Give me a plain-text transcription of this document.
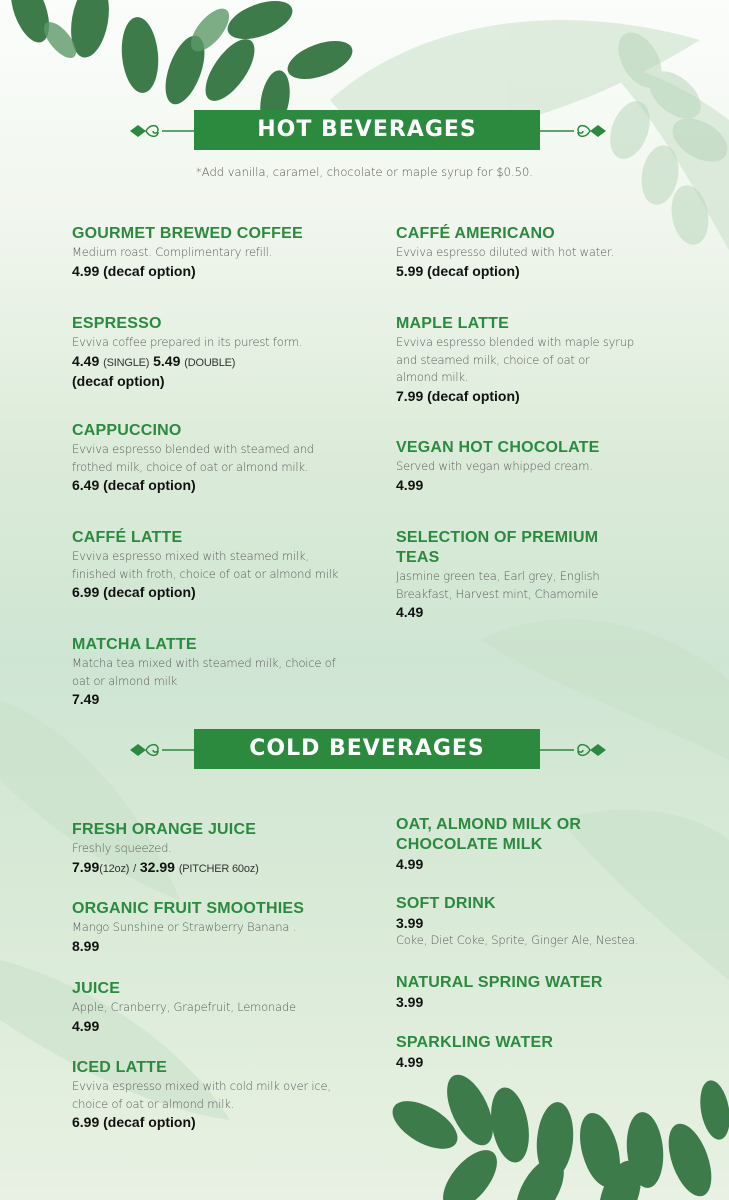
HOT BEVERAGES
*Add vanilla, caramel, chocolate or maple syrup for $0.50.
GOURMET BREWED COFFEE
Medium roast. Complimentary refill.
4.99 (decaf option)
ESPRESSO
Evviva coffee prepared in its purest form.
4.49 (SINGLE) 5.49 (DOUBLE)
(decaf option)
CAPPUCCINO
Evviva espresso blended with steamed and
frothed milk, choice of oat or almond milk.
6.49 (decaf option)
CAFFÉ LATTE
Evviva espresso mixed with steamed milk,
finished with froth, choice of oat or almond milk
6.99 (decaf option)
MATCHA LATTE
Matcha tea mixed with steamed milk, choice of
oat or almond milk
7.49
CAFFÉ AMERICANO
Evviva espresso diluted with hot water.
5.99 (decaf option)
MAPLE LATTE
Evviva espresso blended with maple syrup
and steamed milk, choice of oat or
almond milk.
7.99 (decaf option)
VEGAN HOT CHOCOLATE
Served with vegan whipped cream.
4.99
SELECTION OF PREMIUM
TEAS
Jasmine green tea, Earl grey, English
Breakfast, Harvest mint, Chamomile
4.49
COLD BEVERAGES
FRESH ORANGE JUICE
Freshly squeezed.
7.99(12oz) / 32.99 (PITCHER 60oz)
ORGANIC FRUIT SMOOTHIES
Mango Sunshine or Strawberry Banana .
8.99
JUICE
Apple, Cranberry, Grapefruit, Lemonade
4.99
ICED LATTE
Evviva espresso mixed with cold milk over ice,
choice of oat or almond milk.
6.99 (decaf option)
OAT, ALMOND MILK OR
CHOCOLATE MILK
4.99
SOFT DRINK
3.99
Coke, Diet Coke, Sprite, Ginger Ale, Nestea.
NATURAL SPRING WATER
3.99
SPARKLING WATER
4.99
